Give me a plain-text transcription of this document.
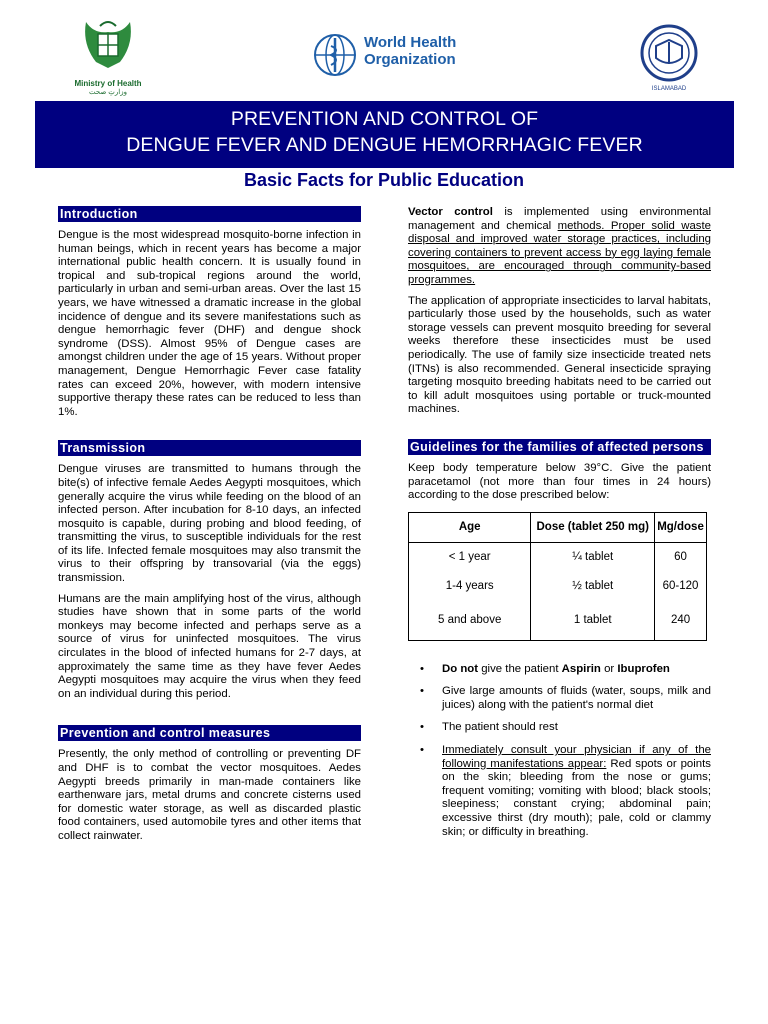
Ministry of Health
وزارتِ صحت
World Health
Organization
ISLAMABAD
PREVENTION AND CONTROL OF
DENGUE FEVER AND DENGUE HEMORRHAGIC FEVER
Basic Facts for Public Education
Introduction

Dengue is the most widespread mosquito-borne infection in human beings, which in recent years has become a major international public health concern. It is usually found in tropical and sub-tropical regions around the world, particularly in urban and semi-urban areas. Over the last 15 years, we have witnessed a dramatic increase in the global incidence of dengue and its severe manifestations such as dengue hemorrhagic fever (DHF) and dengue shock syndrome (DSS). Almost 95% of Dengue cases are amongst children under the age of 15 years. Without proper management, Dengue Hemorrhagic Fever case fatality rates can exceed 20%, however, with modern intensive supportive therapy these rates can be reduced to less than 1%.

Transmission

Dengue viruses are transmitted to humans through the bite(s) of infective female Aedes Aegypti mosquitoes, which generally acquire the virus while feeding on the blood of an infected person. After incubation for 8-10 days, an infected mosquito is capable, during probing and blood feeding, of transmitting the virus, to susceptible individuals for the rest of its life. Infected female mosquitoes may also transmit the virus to their offspring by transovarial (via the eggs) transmission.

Humans are the main amplifying host of the virus, although studies have shown that in some parts of the world monkeys may become infected and perhaps serve as a source of virus for uninfected mosquitoes. The virus circulates in the blood of infected humans for 2-7 days, at approximately the same time as they have fever Aedes Aegypti mosquitoes may acquire the virus when they feed on an individual during this period.

Prevention and control measures

Presently, the only method of controlling or preventing DF and DHF is to combat the vector mosquitoes. Aedes Aegypti breeds primarily in man-made containers like earthenware jars, metal drums and concrete cisterns used for domestic water storage, as well as discarded plastic food containers, used automobile tyres and other items that collect rainwater.

Vector control is implemented using environmental management and chemical methods. Proper solid waste disposal and improved water storage practices, including covering containers to prevent access by egg laying female mosquitoes, are encouraged through community-based programmes.

The application of appropriate insecticides to larval habitats, particularly those used by the households, such as water storage vessels can prevent mosquito breeding for several weeks therefore these insecticides must be used periodically. The use of family size insecticide treated nets (ITNs) is also recommended. General insecticide spraying targeting mosquito breeding habitats need to be carried out to kill adult mosquitoes using portable or truck-mounted machines.

Guidelines for the families of affected persons

Keep body temperature below 39°C. Give the patient paracetamol (not more than four times in 24 hours) according to the dose prescribed below:

Age	Dose (tablet 250 mg)	Mg/dose
< 1 year	¼ tablet	60
1-4 years	½ tablet	60-120
5 and above	1 tablet	240
• Do not give the patient Aspirin or Ibuprofen
• Give large amounts of fluids (water, soups, milk and juices) along with the patient's normal diet
• The patient should rest
• Immediately consult your physician if any of the following manifestations appear: Red spots or points on the skin; bleeding from the nose or gums; frequent vomiting; vomiting with blood; black stools; sleepiness; constant crying; abdominal pain; excessive thirst (dry mouth); pale, cold or clammy skin; or difficulty in breathing.
